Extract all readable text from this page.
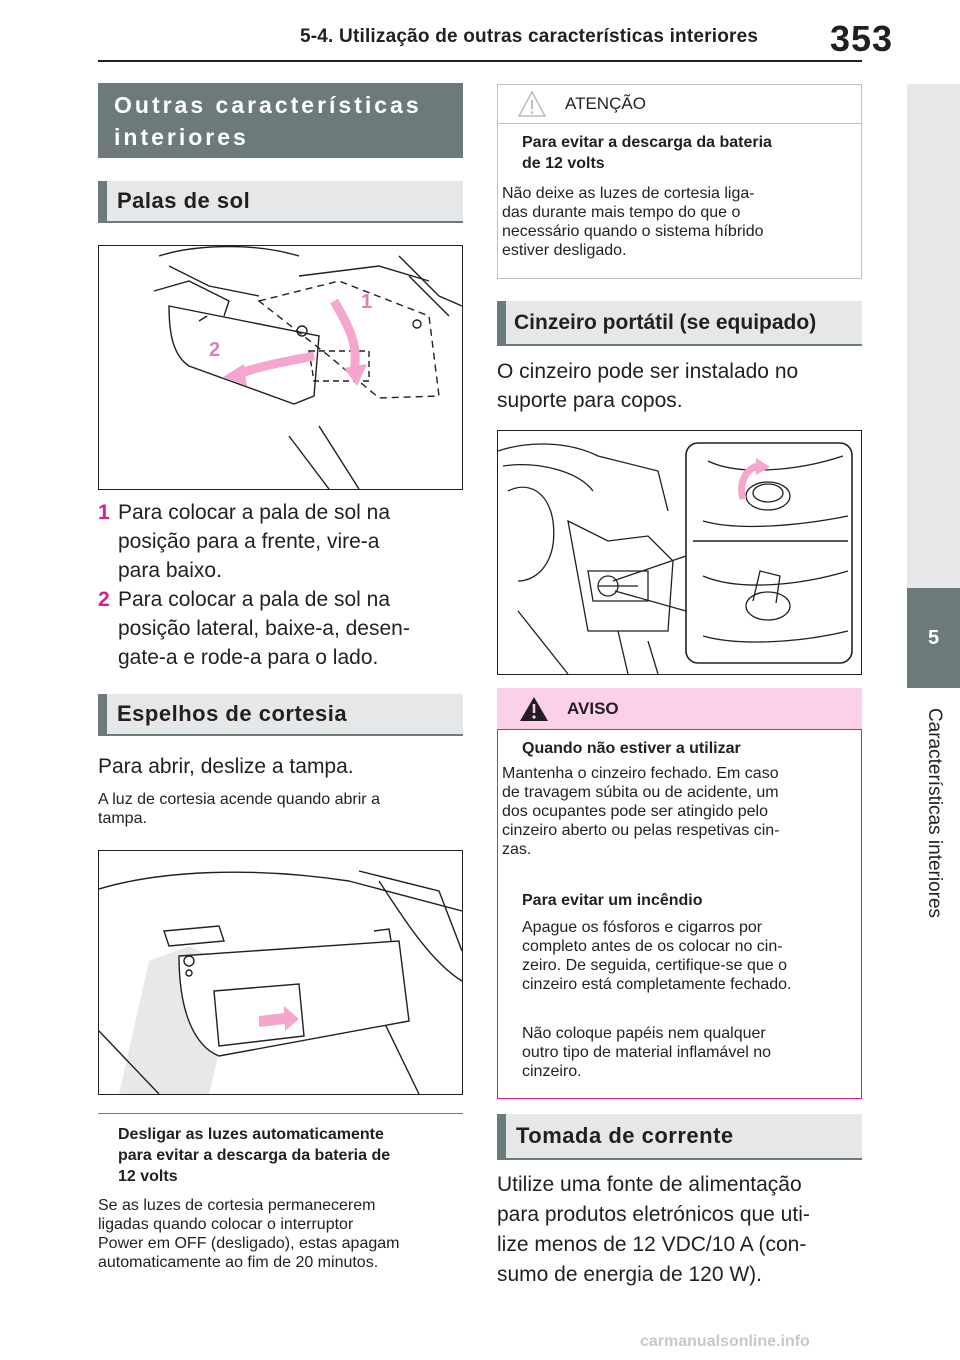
5-4. Utilização de outras características interiores 353
5
Características interiores
Outras características
interiores
Palas de sol
1
2
1 Para colocar a pala de sol na
posição para a frente, vire-a
para baixo.
2 Para colocar a pala de sol na
posição lateral, baixe-a, desen-
gate-a e rode-a para o lado.
Espelhos de cortesia
Para abrir, deslize a tampa.
A luz de cortesia acende quando abrir a
tampa.
Desligar as luzes automaticamente
para evitar a descarga da bateria de
12 volts
Se as luzes de cortesia permanecerem
ligadas quando colocar o interruptor
Power em OFF (desligado), estas apagam
automaticamente ao fim de 20 minutos.
ATENÇÃO
Para evitar a descarga da bateria
de 12 volts
Não deixe as luzes de cortesia liga-
das durante mais tempo do que o
necessário quando o sistema híbrido
estiver desligado.
Cinzeiro portátil (se equipado)
O cinzeiro pode ser instalado no
suporte para copos.
AVISO
Quando não estiver a utilizar
Mantenha o cinzeiro fechado. Em caso
de travagem súbita ou de acidente, um
dos ocupantes pode ser atingido pelo
cinzeiro aberto ou pelas respetivas cin-
zas.
Para evitar um incêndio
Apague os fósforos e cigarros por
completo antes de os colocar no cin-
zeiro. De seguida, certifique-se que o
cinzeiro está completamente fechado.
Não coloque papéis nem qualquer
outro tipo de material inflamável no
cinzeiro.
Tomada de corrente
Utilize uma fonte de alimentação
para produtos eletrónicos que uti-
lize menos de 12 VDC/10 A (con-
sumo de energia de 120 W).
carmanualsonline.info
